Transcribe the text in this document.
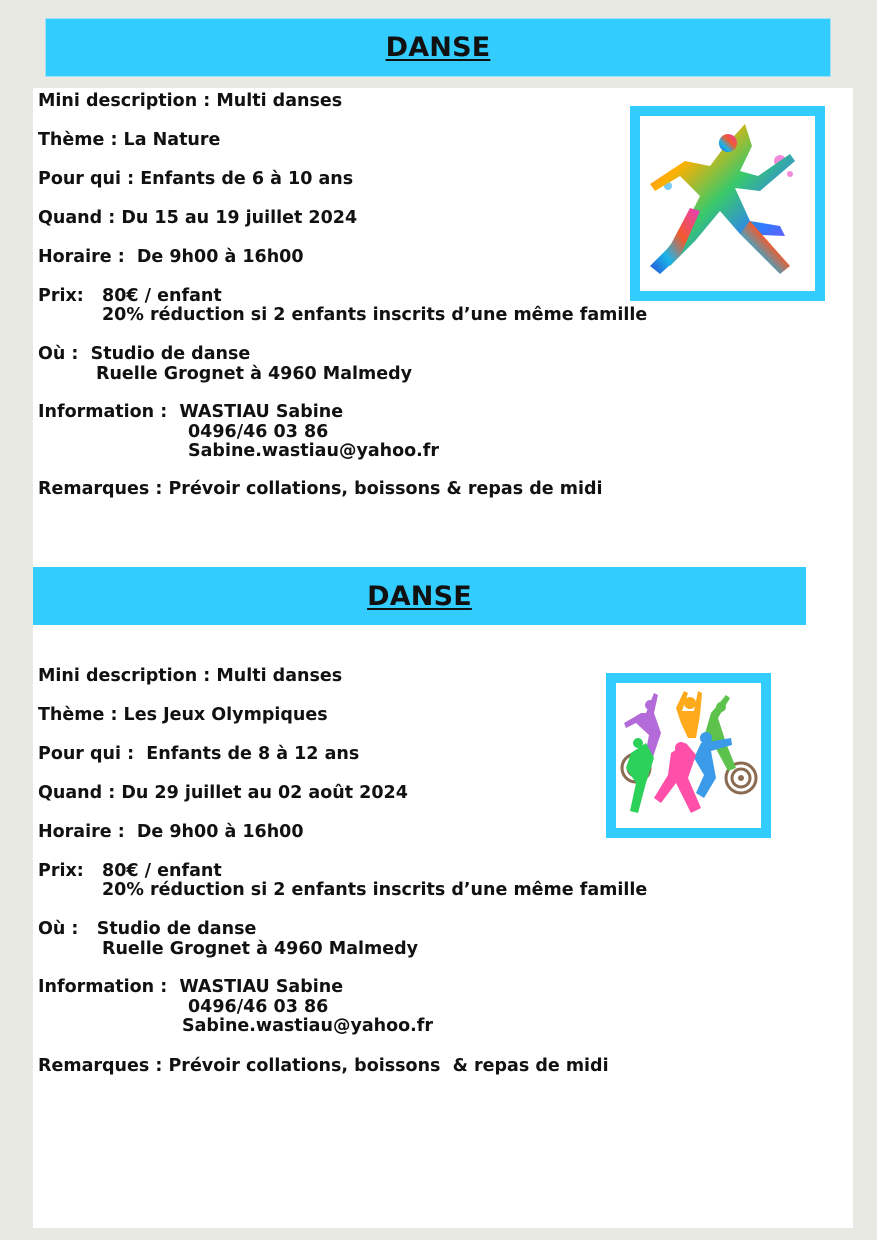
DANSE
Mini description : Multi danses
Thème : La Nature
Pour qui : Enfants de 6 à 10 ans
Quand : Du 15 au 19 juillet 2024
Horaire :  De 9h00 à 16h00
Prix:   80€ / enfant
20% réduction si 2 enfants inscrits d’une même famille
Où :  Studio de danse
Ruelle Grognet à 4960 Malmedy
Information :  WASTIAU Sabine
0496/46 03 86
Sabine.wastiau@yahoo.fr
Remarques : Prévoir collations, boissons & repas de midi
DANSE
Mini description : Multi danses
Thème : Les Jeux Olympiques
Pour qui :  Enfants de 8 à 12 ans
Quand : Du 29 juillet au 02 août 2024
Horaire :  De 9h00 à 16h00
Prix:   80€ / enfant
20% réduction si 2 enfants inscrits d’une même famille
Où :   Studio de danse
Ruelle Grognet à 4960 Malmedy
Information :  WASTIAU Sabine
0496/46 03 86
Sabine.wastiau@yahoo.fr
Remarques : Prévoir collations, boissons  & repas de midi
